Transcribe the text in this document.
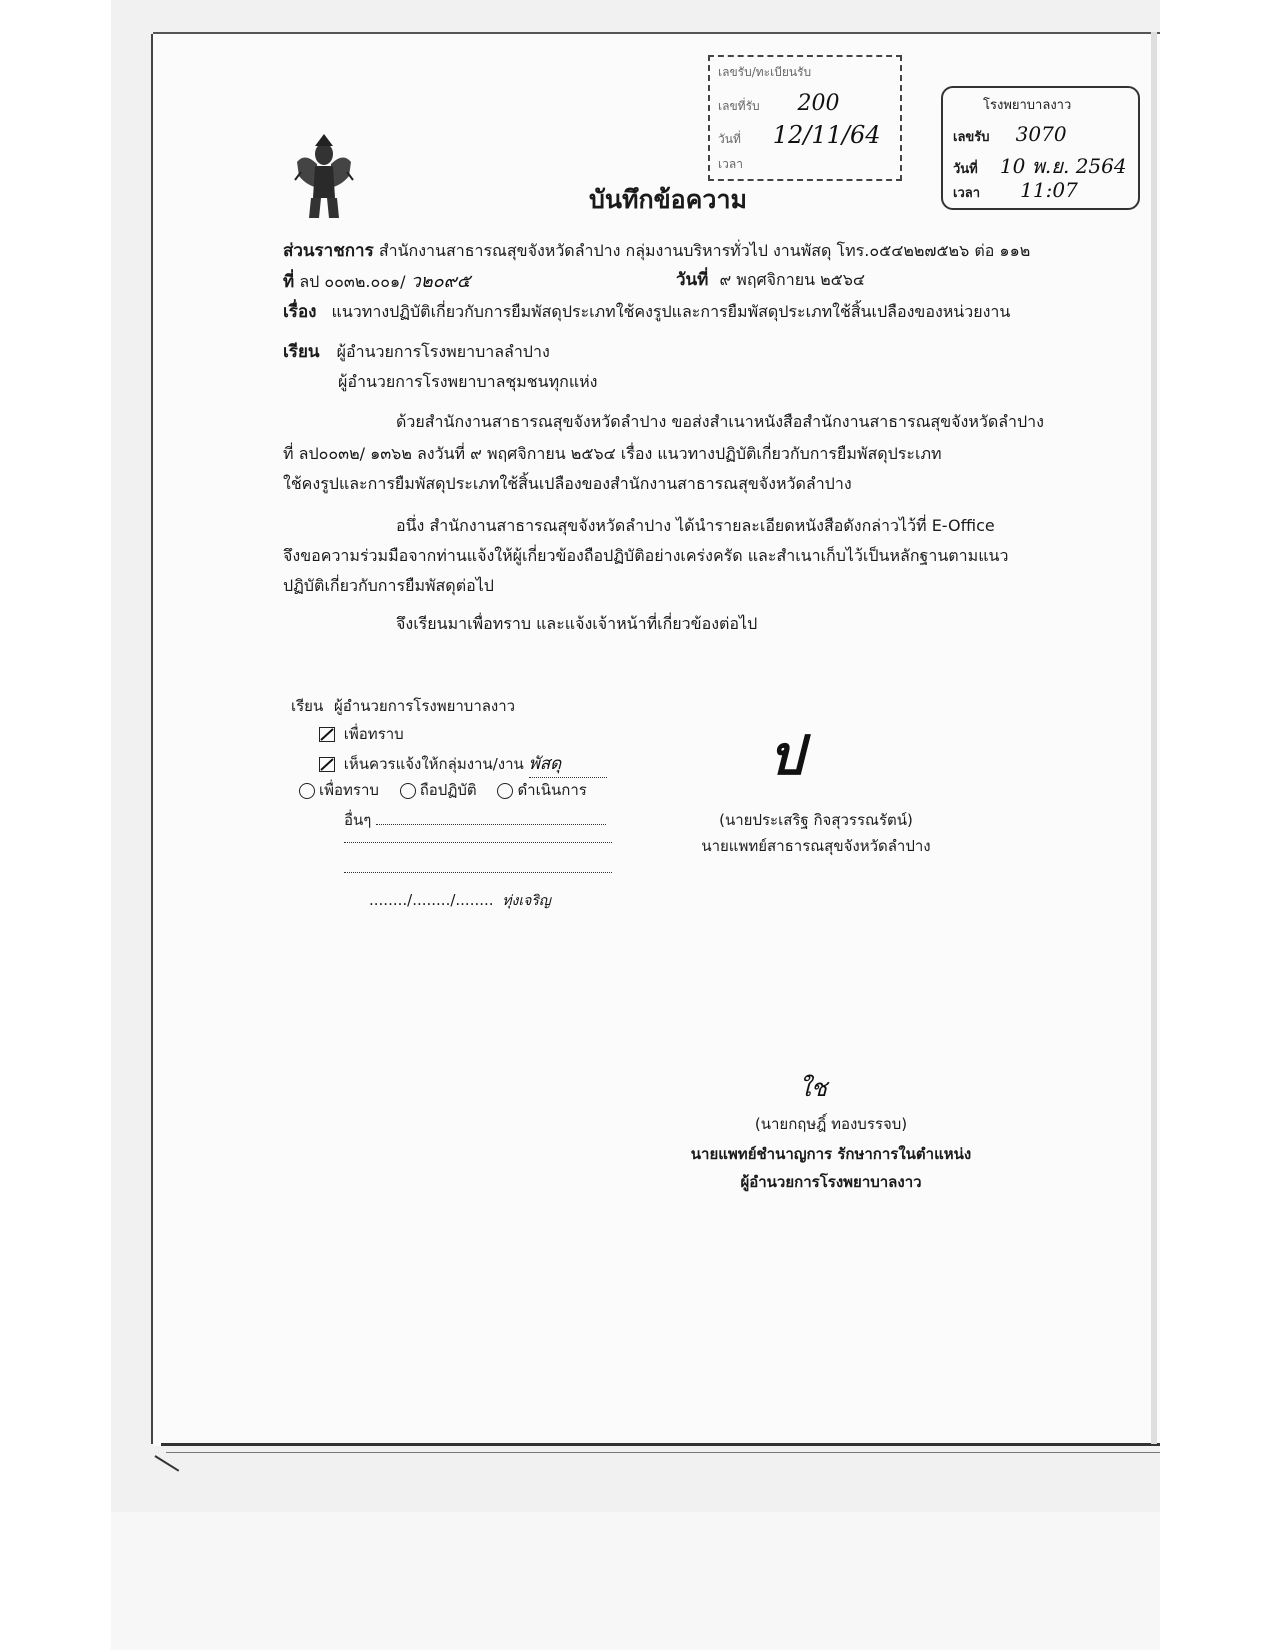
เลขรับ/ทะเบียนรับ
เลขที่รับ 200
วันที่ 12/11/64
เวลา
โรงพยาบาลงาว
เลขรับ 3070
วันที่ 10 พ.ย. 2564
เวลา 11:07
บันทึกข้อความ
ส่วนราชการ สำนักงานสาธารณสุขจังหวัดลำปาง กลุ่มงานบริหารทั่วไป งานพัสดุ โทร.๐๕๔๒๒๗๕๒๖ ต่อ ๑๑๒
ที่ ลป ๐๐๓๒.๐๐๑/ ว๒๐๙๕	วันที่ ๙ พฤศจิกายน ๒๕๖๔
เรื่อง แนวทางปฏิบัติเกี่ยวกับการยืมพัสดุประเภทใช้คงรูปและการยืมพัสดุประเภทใช้สิ้นเปลืองของหน่วยงาน
เรียน ผู้อำนวยการโรงพยาบาลลำปาง
ผู้อำนวยการโรงพยาบาลชุมชนทุกแห่ง
ด้วยสำนักงานสาธารณสุขจังหวัดลำปาง ขอส่งสำเนาหนังสือสำนักงานสาธารณสุขจังหวัดลำปาง
ที่ ลป๐๐๓๒/ ๑๓๖๒ ลงวันที่ ๙ พฤศจิกายน ๒๕๖๔ เรื่อง แนวทางปฏิบัติเกี่ยวกับการยืมพัสดุประเภท
ใช้คงรูปและการยืมพัสดุประเภทใช้สิ้นเปลืองของสำนักงานสาธารณสุขจังหวัดลำปาง
อนึ่ง สำนักงานสาธารณสุขจังหวัดลำปาง ได้นำรายละเอียดหนังสือดังกล่าวไว้ที่ E-Office
จึงขอความร่วมมือจากท่านแจ้งให้ผู้เกี่ยวข้องถือปฏิบัติอย่างเคร่งครัด และสำเนาเก็บไว้เป็นหลักฐานตามแนว
ปฏิบัติเกี่ยวกับการยืมพัสดุต่อไป
จึงเรียนมาเพื่อทราบ และแจ้งเจ้าหน้าที่เกี่ยวข้องต่อไป
เรียน ผู้อำนวยการโรงพยาบาลงาว
เพื่อทราบ
เห็นควรแจ้งให้กลุ่มงาน/งาน พัสดุ
เพื่อทราบ	ถือปฏิบัติ	ดำเนินการ
อื่นๆ
......../......../........ ทุ่งเจริญ
ป
(นายประเสริฐ กิจสุวรรณรัตน์)
นายแพทย์สาธารณสุขจังหวัดลำปาง
ใช
(นายกฤษฎิ์ ทองบรรจบ)
นายแพทย์ชำนาญการ รักษาการในตำแหน่ง
ผู้อำนวยการโรงพยาบาลงาว
